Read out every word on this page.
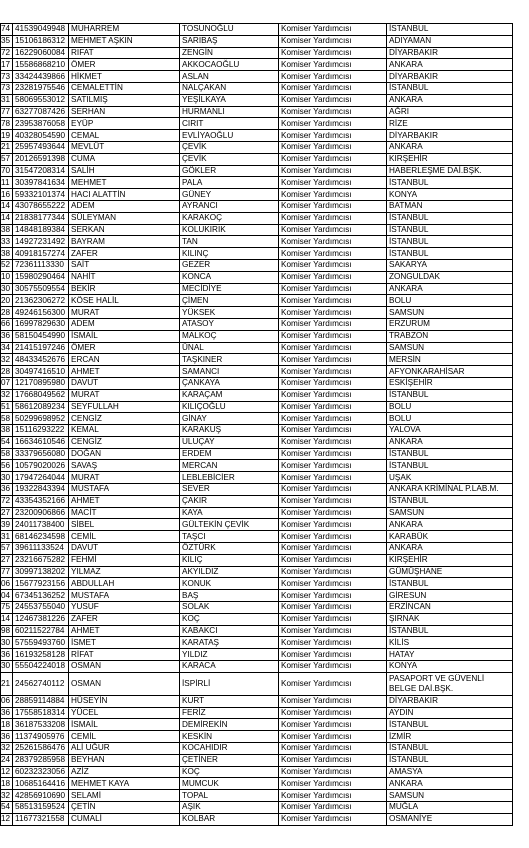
74	41539049948	MUHARREM	TOSUNOĞLU	Komiser Yardımcısı	İSTANBUL
35	15106186312	MEHMET AŞKIN	SARIBAŞ	Komiser Yardımcısı	ADIYAMAN
72	16229060084	RIFAT	ZENGİN	Komiser Yardımcısı	DİYARBAKIR
17	15586868210	ÖMER	AKKOCAOĞLU	Komiser Yardımcısı	ANKARA
73	33424439866	HİKMET	ASLAN	Komiser Yardımcısı	DİYARBAKIR
73	23281975546	CEMALETTİN	NALÇAKAN	Komiser Yardımcısı	İSTANBUL
31	58069553012	SATILMIŞ	YEŞİLKAYA	Komiser Yardımcısı	ANKARA
77	63277087426	SERHAN	HURMANLI	Komiser Yardımcısı	AĞRI
78	23953876058	EYÜP	CIRIT	Komiser Yardımcısı	RİZE
19	40328054590	CEMAL	EVLİYAOĞLU	Komiser Yardımcısı	DİYARBAKIR
21	25957493644	MEVLÜT	ÇEVİK	Komiser Yardımcısı	ANKARA
57	20126591398	CUMA	ÇEVİK	Komiser Yardımcısı	KIRŞEHİR
70	31547208314	SALİH	GÖKLER	Komiser Yardımcısı	HABERLEŞME DAİ.BŞK.
11	30397841634	MEHMET	PALA	Komiser Yardımcısı	İSTANBUL
16	59332101374	HACI ALATTİN	GÜNEY	Komiser Yardımcısı	KONYA
14	43078655222	ADEM	AYRANCI	Komiser Yardımcısı	BATMAN
14	21838177344	SÜLEYMAN	KARAKOÇ	Komiser Yardımcısı	İSTANBUL
38	14848189384	SERKAN	KOLUKIRIK	Komiser Yardımcısı	İSTANBUL
33	14927231492	BAYRAM	TAN	Komiser Yardımcısı	İSTANBUL
38	40918157274	ZAFER	KILINÇ	Komiser Yardımcısı	İSTANBUL
52	72361113330	SAİT	GEZER	Komiser Yardımcısı	SAKARYA
10	15980290464	NAHİT	KONCA	Komiser Yardımcısı	ZONGULDAK
30	30575509554	BEKİR	MECİDİYE	Komiser Yardımcısı	ANKARA
20	21362306272	KÖSE HALİL	ÇİMEN	Komiser Yardımcısı	BOLU
28	49246156300	MURAT	YÜKSEK	Komiser Yardımcısı	SAMSUN
66	16997829630	ADEM	ATASOY	Komiser Yardımcısı	ERZURUM
36	58150454990	İSMAİL	MALKOÇ	Komiser Yardımcısı	TRABZON
34	21415197246	ÖMER	ÜNAL	Komiser Yardımcısı	SAMSUN
32	48433452676	ERCAN	TAŞKINER	Komiser Yardımcısı	MERSİN
28	30497416510	AHMET	SAMANCI	Komiser Yardımcısı	AFYONKARAHİSAR
07	12170895980	DAVUT	ÇANKAYA	Komiser Yardımcısı	ESKİŞEHİR
32	17668049562	MURAT	KARAÇAM	Komiser Yardımcısı	İSTANBUL
51	58612089234	SEYFULLAH	KILIÇOĞLU	Komiser Yardımcısı	BOLU
58	50299698952	CENGİZ	GİNAY	Komiser Yardımcısı	BOLU
38	15116293222	KEMAL	KARAKUŞ	Komiser Yardımcısı	YALOVA
54	16634610546	CENGİZ	ULUÇAY	Komiser Yardımcısı	ANKARA
58	33379656080	DOĞAN	ERDEM	Komiser Yardımcısı	İSTANBUL
56	10579020026	SAVAŞ	MERCAN	Komiser Yardımcısı	İSTANBUL
30	17947264044	MURAT	LEBLEBİCİER	Komiser Yardımcısı	UŞAK
36	19322843394	MUSTAFA	SEVER	Komiser Yardımcısı	ANKARA KRİMİNAL P.LAB.M.
72	43354352166	AHMET	ÇAKIR	Komiser Yardımcısı	İSTANBUL
27	23200906866	MACİT	KAYA	Komiser Yardımcısı	SAMSUN
39	24011738400	SİBEL	GÜLTEKİN ÇEVİK	Komiser Yardımcısı	ANKARA
31	68146234598	CEMİL	TAŞCI	Komiser Yardımcısı	KARABÜK
57	39611133524	DAVUT	ÖZTÜRK	Komiser Yardımcısı	ANKARA
27	23216675282	FEHMİ	KILIÇ	Komiser Yardımcısı	KIRŞEHİR
77	30997138202	YILMAZ	AKYILDIZ	Komiser Yardımcısı	GÜMÜŞHANE
06	15677923156	ABDULLAH	KONUK	Komiser Yardımcısı	İSTANBUL
04	67345136252	MUSTAFA	BAŞ	Komiser Yardımcısı	GİRESUN
75	24553755040	YUSUF	SOLAK	Komiser Yardımcısı	ERZİNCAN
14	12467381226	ZAFER	KOÇ	Komiser Yardımcısı	ŞIRNAK
98	60211522784	AHMET	KABAKCI	Komiser Yardımcısı	İSTANBUL
30	57559493760	İSMET	KARATAŞ	Komiser Yardımcısı	KİLİS
36	16193258128	RİFAT	YILDIZ	Komiser Yardımcısı	HATAY
30	55504224018	OSMAN	KARACA	Komiser Yardımcısı	KONYA
21	24562740112	OSMAN	İSPİRLİ	Komiser Yardımcısı	PASAPORT VE GÜVENLİ BELGE DAİ.BŞK.
06	28859114884	HÜSEYİN	KURT	Komiser Yardımcısı	DİYARBAKIR
36	17558518314	YÜCEL	FERİZ	Komiser Yardımcısı	AYDIN
18	36187533208	İSMAİL	DEMİREKİN	Komiser Yardımcısı	İSTANBUL
36	11374905976	CEMİL	KESKİN	Komiser Yardımcısı	İZMİR
32	25261586476	ALİ UĞUR	KOCAHIDIR	Komiser Yardımcısı	İSTANBUL
24	28379285958	BEYHAN	ÇETİNER	Komiser Yardımcısı	İSTANBUL
12	60232323056	AZİZ	KOÇ	Komiser Yardımcısı	AMASYA
18	10685164416	MEHMET KAYA	MUMCUK	Komiser Yardımcısı	ANKARA
32	42856910690	SELAMİ	TOPAL	Komiser Yardımcısı	SAMSUN
54	58513159524	ÇETİN	AŞIK	Komiser Yardımcısı	MUĞLA
12	11677321558	CUMALİ	KOLBAR	Komiser Yardımcısı	OSMANİYE
